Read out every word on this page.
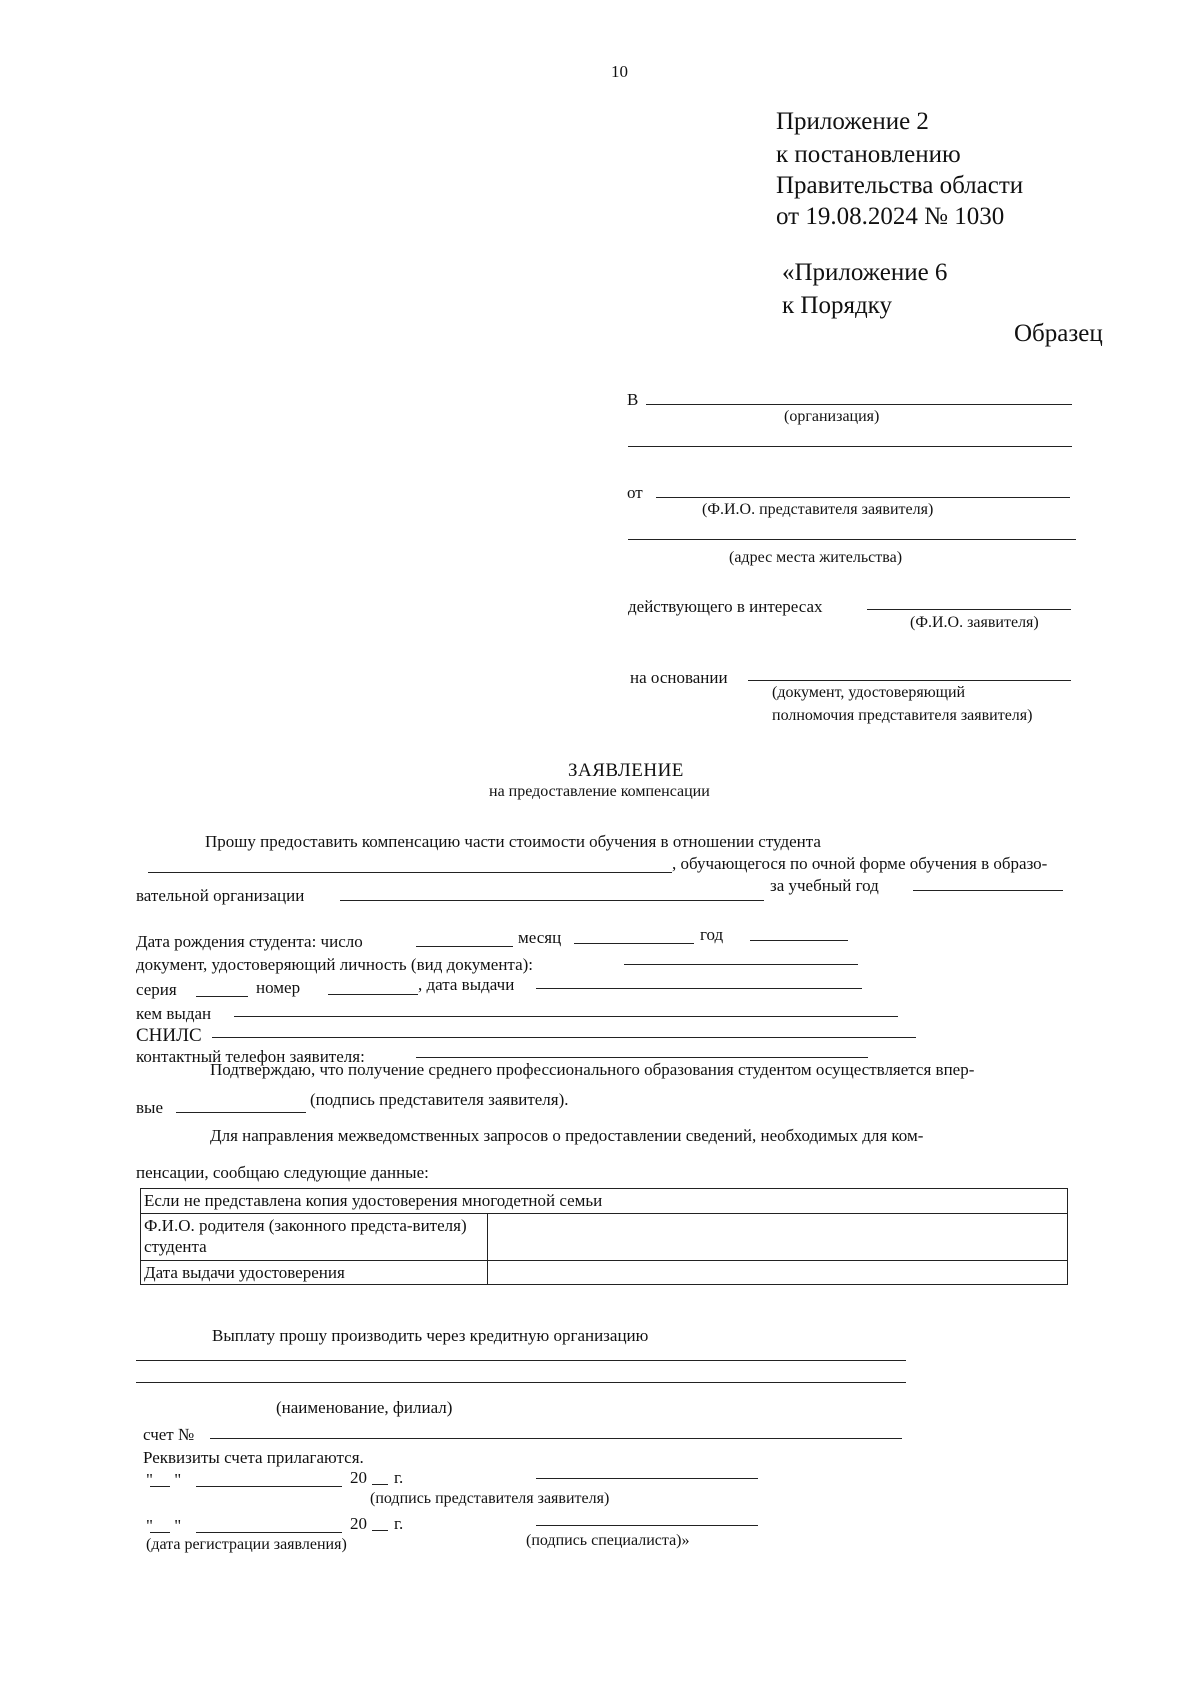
10
Приложение 2
к постановлению
Правительства области
от 19.08.2024 № 1030
«Приложение 6
к Порядку
Образец
В
(организация)
от
(Ф.И.О. представителя заявителя)
(адрес места жительства)
действующего в интересах
(Ф.И.О. заявителя)
на основании
(документ, удостоверяющий
полномочия представителя заявителя)
ЗАЯВЛЕНИЕ
на предоставление компенсации
Прошу предоставить компенсацию части стоимости обучения в отношении студента
, обучающегося по очной форме обучения в образо-
вательной организации
за учебный год
Дата рождения студента: число	месяц	год
документ, удостоверяющий личность (вид документа):
серия	номер	, дата выдачи
кем выдан
СНИЛС
контактный телефон заявителя:
Подтверждаю, что получение среднего профессионального образования студентом осуществляется впер-
вые	(подпись представителя заявителя).
Для направления межведомственных запросов о предоставлении сведений, необходимых для ком-
пенсации, сообщаю следующие данные:
Если не представлена копия удостоверения многодетной семьи	
Ф.И.О. родителя (законного предста-вителя) студента	
Дата выдачи удостоверения	
Выплату прошу производить через кредитную организацию
(наименование, филиал)
счет №
Реквизиты счета прилагаются.
"     "	20 г.
(подпись представителя заявителя)
"     "	20 г.
(дата регистрации заявления)	(подпись специалиста)»
